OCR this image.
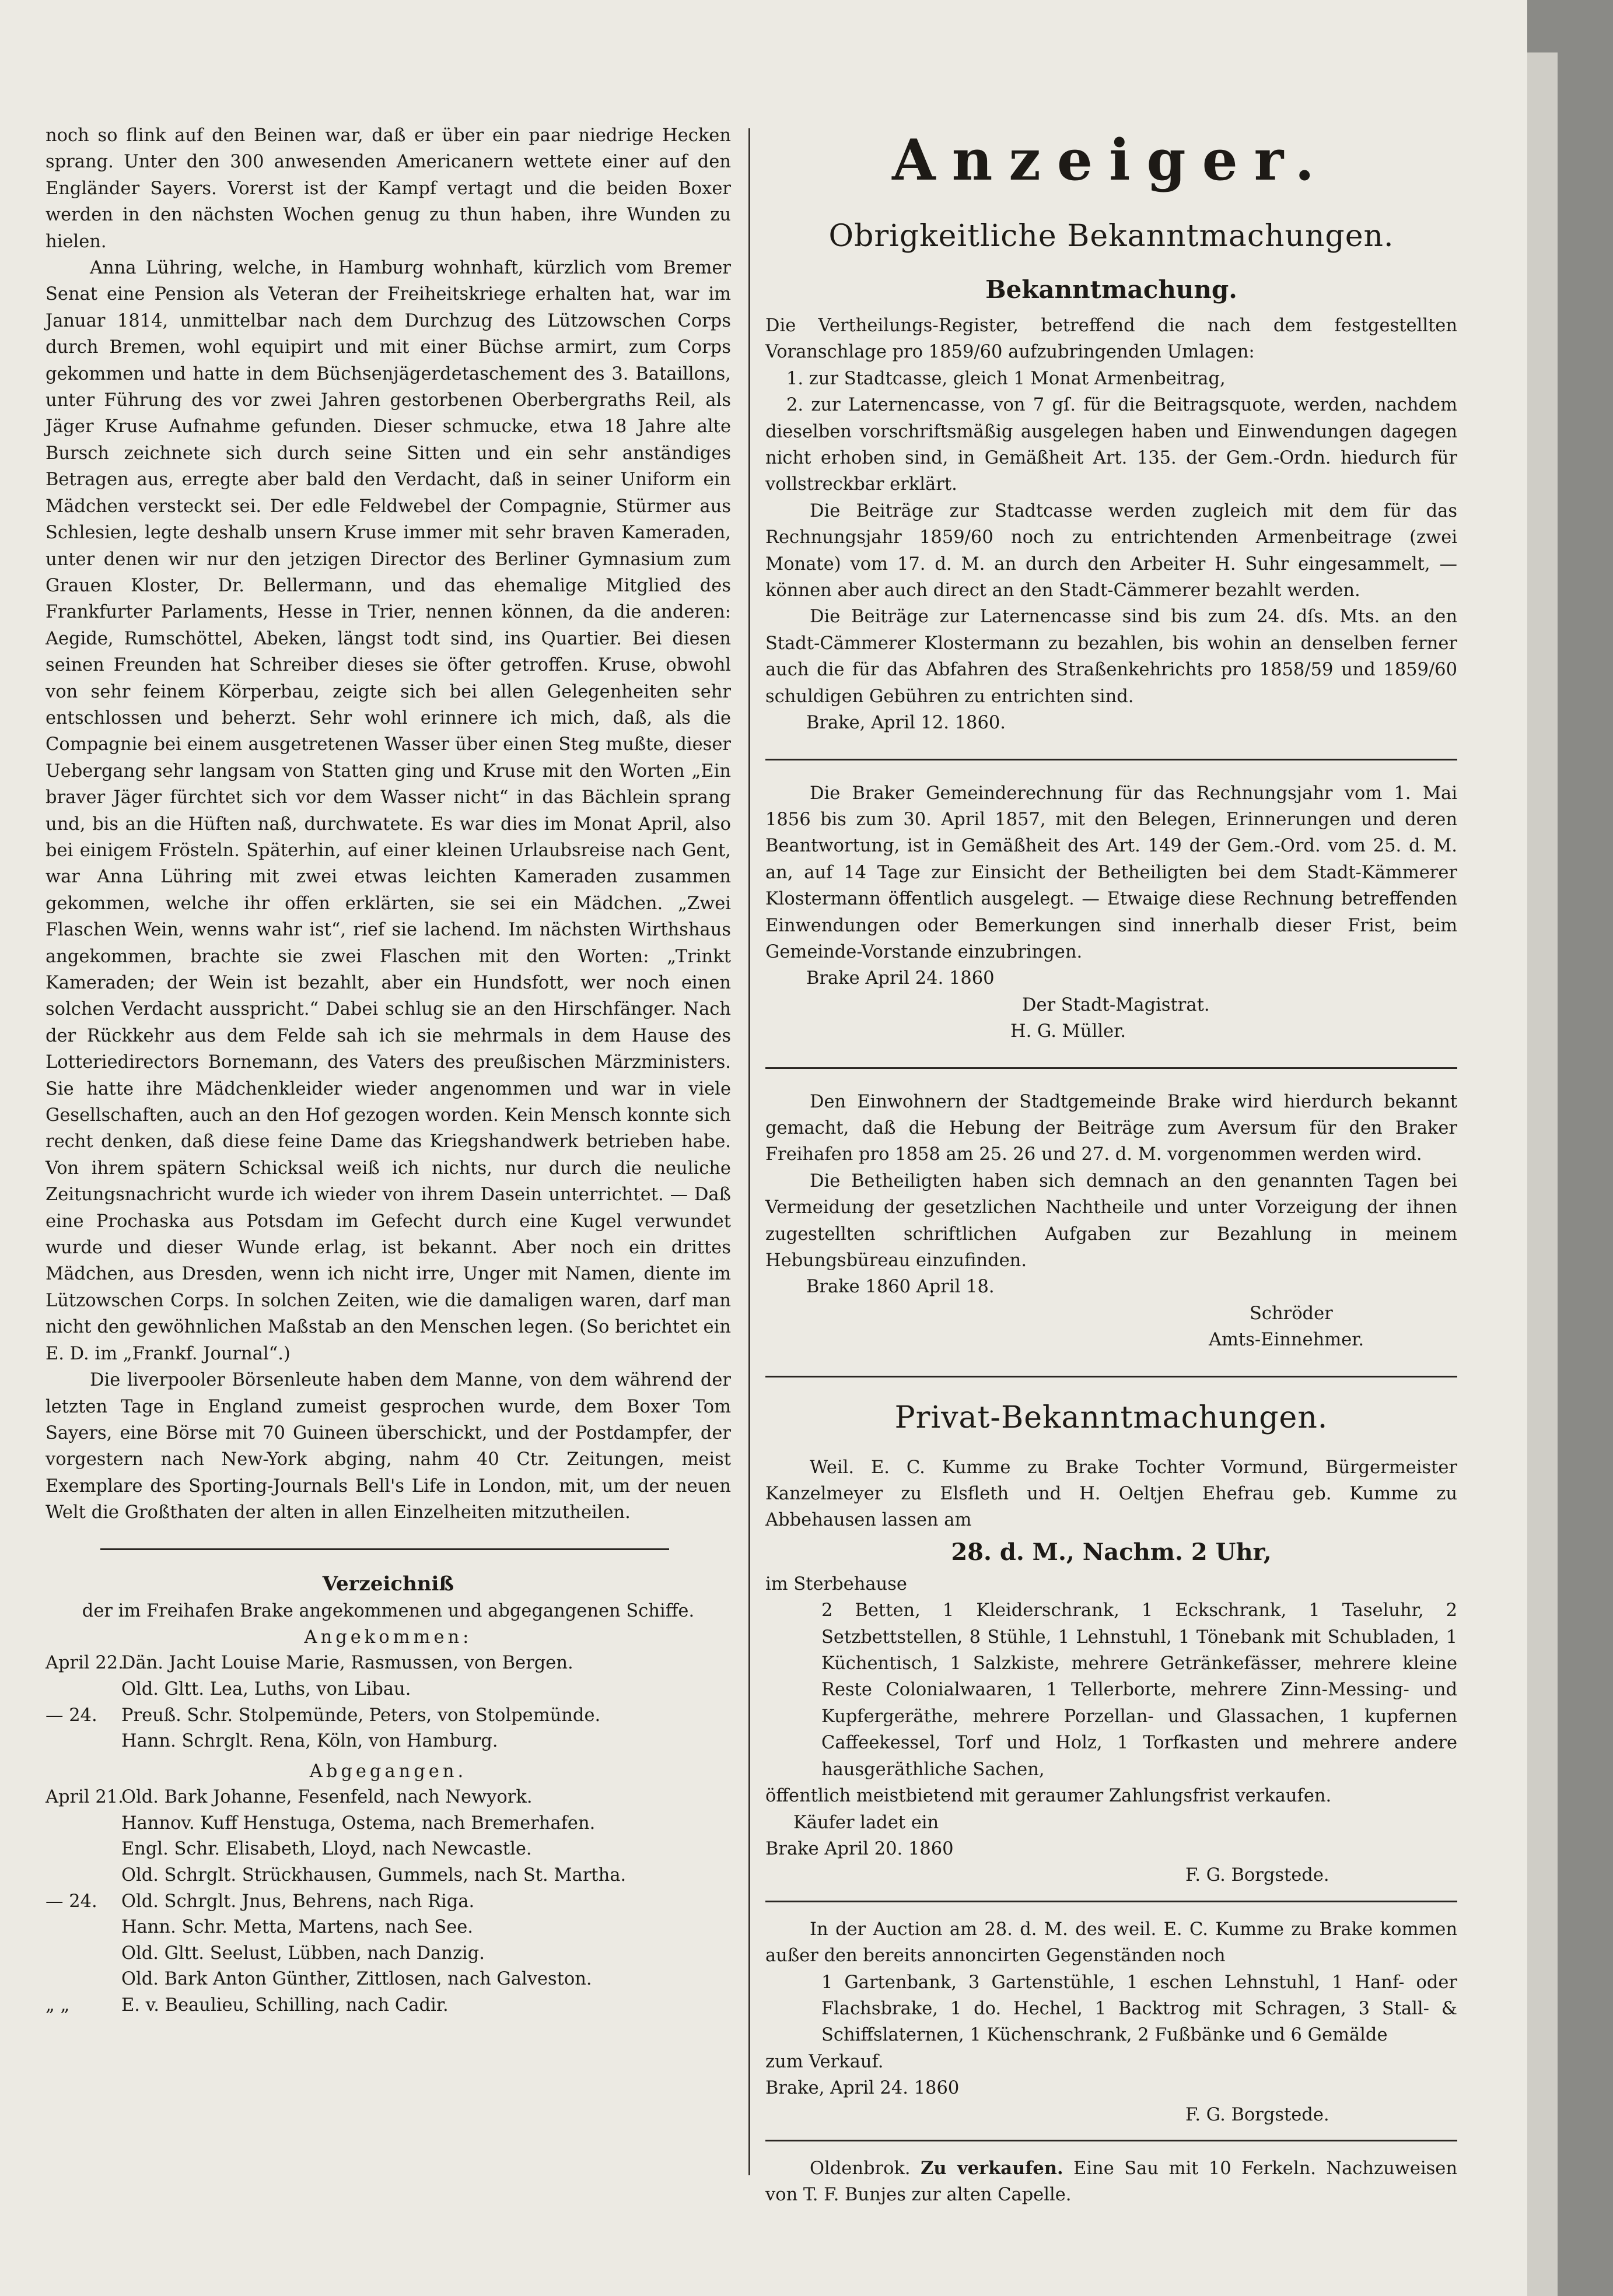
noch so flink auf den Beinen war, daß er über ein paar niedrige Hecken sprang. Unter den 300 anwesenden Americanern wettete einer auf den Engländer Sayers. Vorerst ist der Kampf vertagt und die beiden Boxer werden in den nächsten Wochen genug zu thun haben, ihre Wunden zu hielen.

Anna Lühring, welche, in Hamburg wohnhaft, kürzlich vom Bremer Senat eine Pension als Veteran der Freiheitskriege erhalten hat, war im Januar 1814, unmittelbar nach dem Durchzug des Lützowschen Corps durch Bremen, wohl equipirt und mit einer Büchse armirt, zum Corps gekommen und hatte in dem Büchsenjägerdetaschement des 3. Bataillons, unter Führung des vor zwei Jahren gestorbenen Oberbergraths Reil, als Jäger Kruse Aufnahme gefunden. Dieser schmucke, etwa 18 Jahre alte Bursch zeichnete sich durch seine Sitten und ein sehr anständiges Betragen aus, erregte aber bald den Verdacht, daß in seiner Uniform ein Mädchen versteckt sei. Der edle Feldwebel der Compagnie, Stürmer aus Schlesien, legte deshalb unsern Kruse immer mit sehr braven Kameraden, unter denen wir nur den jetzigen Director des Berliner Gymnasium zum Grauen Kloster, Dr. Bellermann, und das ehemalige Mitglied des Frankfurter Parlaments, Hesse in Trier, nennen können, da die anderen: Aegide, Rumschöttel, Abeken, längst todt sind, ins Quartier. Bei diesen seinen Freunden hat Schreiber dieses sie öfter getroffen. Kruse, obwohl von sehr feinem Körperbau, zeigte sich bei allen Gelegenheiten sehr entschlossen und beherzt. Sehr wohl erinnere ich mich, daß, als die Compagnie bei einem ausgetretenen Wasser über einen Steg mußte, dieser Uebergang sehr langsam von Statten ging und Kruse mit den Worten „Ein braver Jäger fürchtet sich vor dem Wasser nicht“ in das Bächlein sprang und, bis an die Hüften naß, durchwatete. Es war dies im Monat April, also bei einigem Frösteln. Späterhin, auf einer kleinen Urlaubsreise nach Gent, war Anna Lühring mit zwei etwas leichten Kameraden zusammen gekommen, welche ihr offen erklärten, sie sei ein Mädchen. „Zwei Flaschen Wein, wenns wahr ist“, rief sie lachend. Im nächsten Wirthshaus angekommen, brachte sie zwei Flaschen mit den Worten: „Trinkt Kameraden; der Wein ist bezahlt, aber ein Hundsfott, wer noch einen solchen Verdacht ausspricht.“ Dabei schlug sie an den Hirschfänger. Nach der Rückkehr aus dem Felde sah ich sie mehrmals in dem Hause des Lotteriedirectors Bornemann, des Vaters des preußischen Märzministers. Sie hatte ihre Mädchenkleider wieder angenommen und war in viele Gesellschaften, auch an den Hof gezogen worden. Kein Mensch konnte sich recht denken, daß diese feine Dame das Kriegshandwerk betrieben habe. Von ihrem spätern Schicksal weiß ich nichts, nur durch die neuliche Zeitungsnachricht wurde ich wieder von ihrem Dasein unterrichtet. — Daß eine Prochaska aus Potsdam im Gefecht durch eine Kugel verwundet wurde und dieser Wunde erlag, ist bekannt. Aber noch ein drittes Mädchen, aus Dresden, wenn ich nicht irre, Unger mit Namen, diente im Lützowschen Corps. In solchen Zeiten, wie die damaligen waren, darf man nicht den gewöhnlichen Maßstab an den Menschen legen. (So berichtet ein E. D. im „Frankf. Journal“.)

Die liverpooler Börsenleute haben dem Manne, von dem während der letzten Tage in England zumeist gesprochen wurde, dem Boxer Tom Sayers, eine Börse mit 70 Guineen überschickt, und der Postdampfer, der vorgestern nach New-York abging, nahm 40 Ctr. Zeitungen, meist Exemplare des Sporting-Journals Bell's Life in London, mit, um der neuen Welt die Großthaten der alten in allen Einzelheiten mitzutheilen.

Verzeichniß
der im Freihafen Brake angekommenen und abgegangenen Schiffe.
Angekommen:
April 22.Dän. Jacht Louise Marie, Rasmussen, von Bergen.
Old. Gltt. Lea, Luths, von Libau.
— 24. Preuß. Schr. Stolpemünde, Peters, von Stolpemünde.
Hann. Schrglt. Rena, Köln, von Hamburg.
Abgegangen.
April 21.Old. Bark Johanne, Fesenfeld, nach Newyork.
Hannov. Kuff Henstuga, Ostema, nach Bremerhafen.
Engl. Schr. Elisabeth, Lloyd, nach Newcastle.
Old. Schrglt. Strückhausen, Gummels, nach St. Martha.
— 24. Old. Schrglt. Jnus, Behrens, nach Riga.
Hann. Schr. Metta, Martens, nach See.
Old. Gltt. Seelust, Lübben, nach Danzig.
Old. Bark Anton Günther, Zittlosen, nach Galveston.
„ „	E. v. Beaulieu, Schilling, nach Cadir.
Anzeiger.
Obrigkeitliche Bekanntmachungen.
Bekanntmachung.

Die Vertheilungs-Register, betreffend die nach dem festgestellten Voranschlage pro 1859/60 aufzubringenden Umlagen:

1. zur Stadtcasse, gleich 1 Monat Armenbeitrag,

2. zur Laternencasse, von 7 gſ. für die Beitragsquote, werden, nachdem dieselben vorschriftsmäßig ausgelegen haben und Einwendungen dagegen nicht erhoben sind, in Gemäßheit Art. 135. der Gem.-Ordn. hiedurch für vollstreckbar erklärt.

Die Beiträge zur Stadtcasse werden zugleich mit dem für das Rechnungsjahr 1859/60 noch zu entrichtenden Armenbeitrage (zwei Monate) vom 17. d. M. an durch den Arbeiter H. Suhr eingesammelt, — können aber auch direct an den Stadt-Cämmerer bezahlt werden.

Die Beiträge zur Laternencasse sind bis zum 24. dſs. Mts. an den Stadt-Cämmerer Klostermann zu bezahlen, bis wohin an denselben ferner auch die für das Abfahren des Straßenkehrichts pro 1858/59 und 1859/60 schuldigen Gebühren zu entrichten sind.

Brake, April 12. 1860.

Die Braker Gemeinderechnung für das Rechnungsjahr vom 1. Mai 1856 bis zum 30. April 1857, mit den Belegen, Erinnerungen und deren Beantwortung, ist in Gemäßheit des Art. 149 der Gem.-Ord. vom 25. d. M. an, auf 14 Tage zur Einsicht der Betheiligten bei dem Stadt-Kämmerer Klostermann öffentlich ausgelegt. — Etwaige diese Rechnung betreffenden Einwendungen oder Bemerkungen sind innerhalb dieser Frist, beim Gemeinde-Vorstande einzubringen.

Brake April 24. 1860
Der Stadt-Magistrat.
H. G. Müller.

Den Einwohnern der Stadtgemeinde Brake wird hierdurch bekannt gemacht, daß die Hebung der Beiträge zum Aversum für den Braker Freihafen pro 1858 am 25. 26 und 27. d. M. vorgenommen werden wird.

Die Betheiligten haben sich demnach an den genannten Tagen bei Vermeidung der gesetzlichen Nachtheile und unter Vorzeigung der ihnen zugestellten schriftlichen Aufgaben zur Bezahlung in meinem Hebungsbüreau einzufinden.

Brake 1860 April 18.
Schröder
Amts-Einnehmer.
Privat-Bekanntmachungen.

Weil. E. C. Kumme zu Brake Tochter Vormund, Bürgermeister Kanzelmeyer zu Elsfleth und H. Oeltjen Ehefrau geb. Kumme zu Abbehausen lassen am

28. d. M., Nachm. 2 Uhr,
im Sterbehause

2 Betten, 1 Kleiderschrank, 1 Eckschrank, 1 Taseluhr, 2 Setzbettstellen, 8 Stühle, 1 Lehnstuhl, 1 Tönebank mit Schubladen, 1 Küchentisch, 1 Salzkiste, mehrere Getränkefässer, mehrere kleine Reste Colonialwaaren, 1 Tellerborte, mehrere Zinn-Messing- und Kupfergeräthe, mehrere Porzellan- und Glassachen, 1 kupfernen Caffeekessel, Torf und Holz, 1 Torfkasten und mehrere andere hausgeräthliche Sachen,

öffentlich meistbietend mit geraumer Zahlungsfrist verkaufen.
Käufer ladet ein
Brake April 20. 1860
F. G. Borgstede.

In der Auction am 28. d. M. des weil. E. C. Kumme zu Brake kommen außer den bereits annoncirten Gegenständen noch

1 Gartenbank, 3 Gartenstühle, 1 eschen Lehnstuhl, 1 Hanf- oder Flachsbrake, 1 do. Hechel, 1 Backtrog mit Schragen, 3 Stall- & Schiffslaternen, 1 Küchenschrank, 2 Fußbänke und 6 Gemälde

zum Verkauf.
Brake, April 24. 1860
F. G. Borgstede.

Oldenbrok. Zu verkaufen. Eine Sau mit 10 Ferkeln. Nachzuweisen von T. F. Bunjes zur alten Capelle.
